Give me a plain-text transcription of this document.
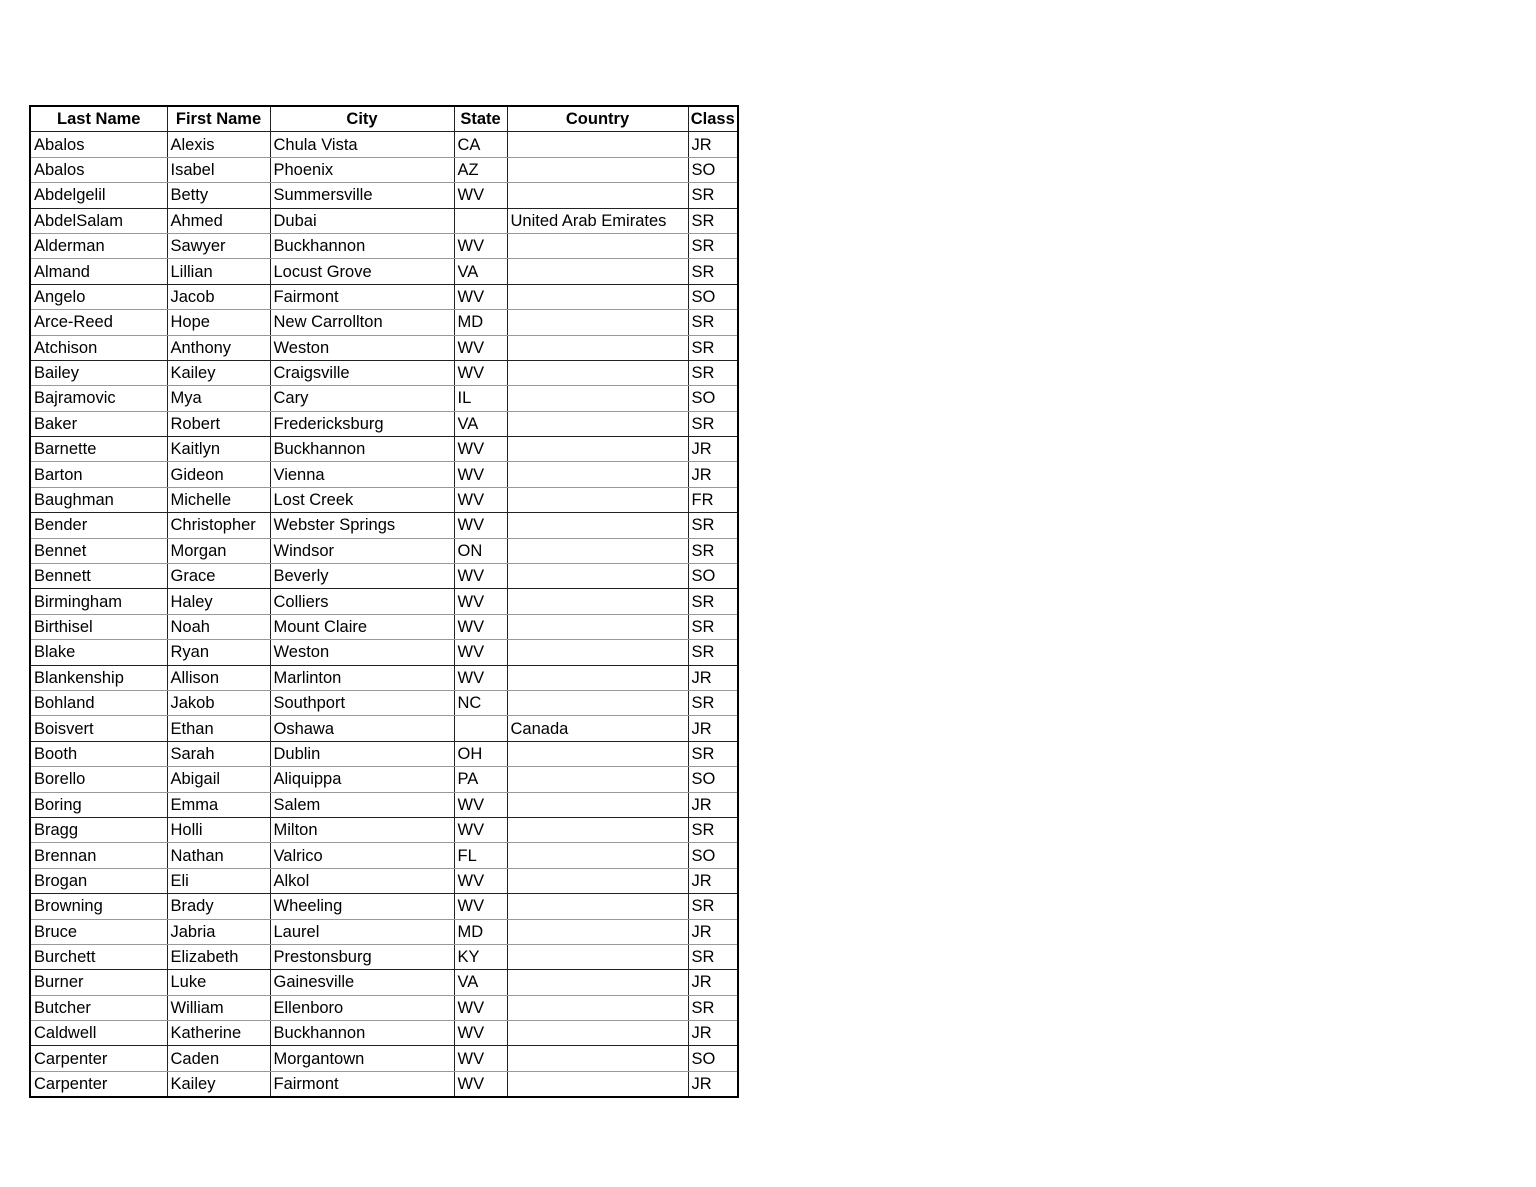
Last Name	First Name	City	State	Country	Class
Abalos	Alexis	Chula Vista	CA		JR
Abalos	Isabel	Phoenix	AZ		SO
Abdelgelil	Betty	Summersville	WV		SR
AbdelSalam	Ahmed	Dubai		United Arab Emirates	SR
Alderman	Sawyer	Buckhannon	WV		SR
Almand	Lillian	Locust Grove	VA		SR
Angelo	Jacob	Fairmont	WV		SO
Arce-Reed	Hope	New Carrollton	MD		SR
Atchison	Anthony	Weston	WV		SR
Bailey	Kailey	Craigsville	WV		SR
Bajramovic	Mya	Cary	IL		SO
Baker	Robert	Fredericksburg	VA		SR
Barnette	Kaitlyn	Buckhannon	WV		JR
Barton	Gideon	Vienna	WV		JR
Baughman	Michelle	Lost Creek	WV		FR
Bender	Christopher	Webster Springs	WV		SR
Bennet	Morgan	Windsor	ON		SR
Bennett	Grace	Beverly	WV		SO
Birmingham	Haley	Colliers	WV		SR
Birthisel	Noah	Mount Claire	WV		SR
Blake	Ryan	Weston	WV		SR
Blankenship	Allison	Marlinton	WV		JR
Bohland	Jakob	Southport	NC		SR
Boisvert	Ethan	Oshawa		Canada	JR
Booth	Sarah	Dublin	OH		SR
Borello	Abigail	Aliquippa	PA		SO
Boring	Emma	Salem	WV		JR
Bragg	Holli	Milton	WV		SR
Brennan	Nathan	Valrico	FL		SO
Brogan	Eli	Alkol	WV		JR
Browning	Brady	Wheeling	WV		SR
Bruce	Jabria	Laurel	MD		JR
Burchett	Elizabeth	Prestonsburg	KY		SR
Burner	Luke	Gainesville	VA		JR
Butcher	William	Ellenboro	WV		SR
Caldwell	Katherine	Buckhannon	WV		JR
Carpenter	Caden	Morgantown	WV		SO
Carpenter	Kailey	Fairmont	WV		JR
